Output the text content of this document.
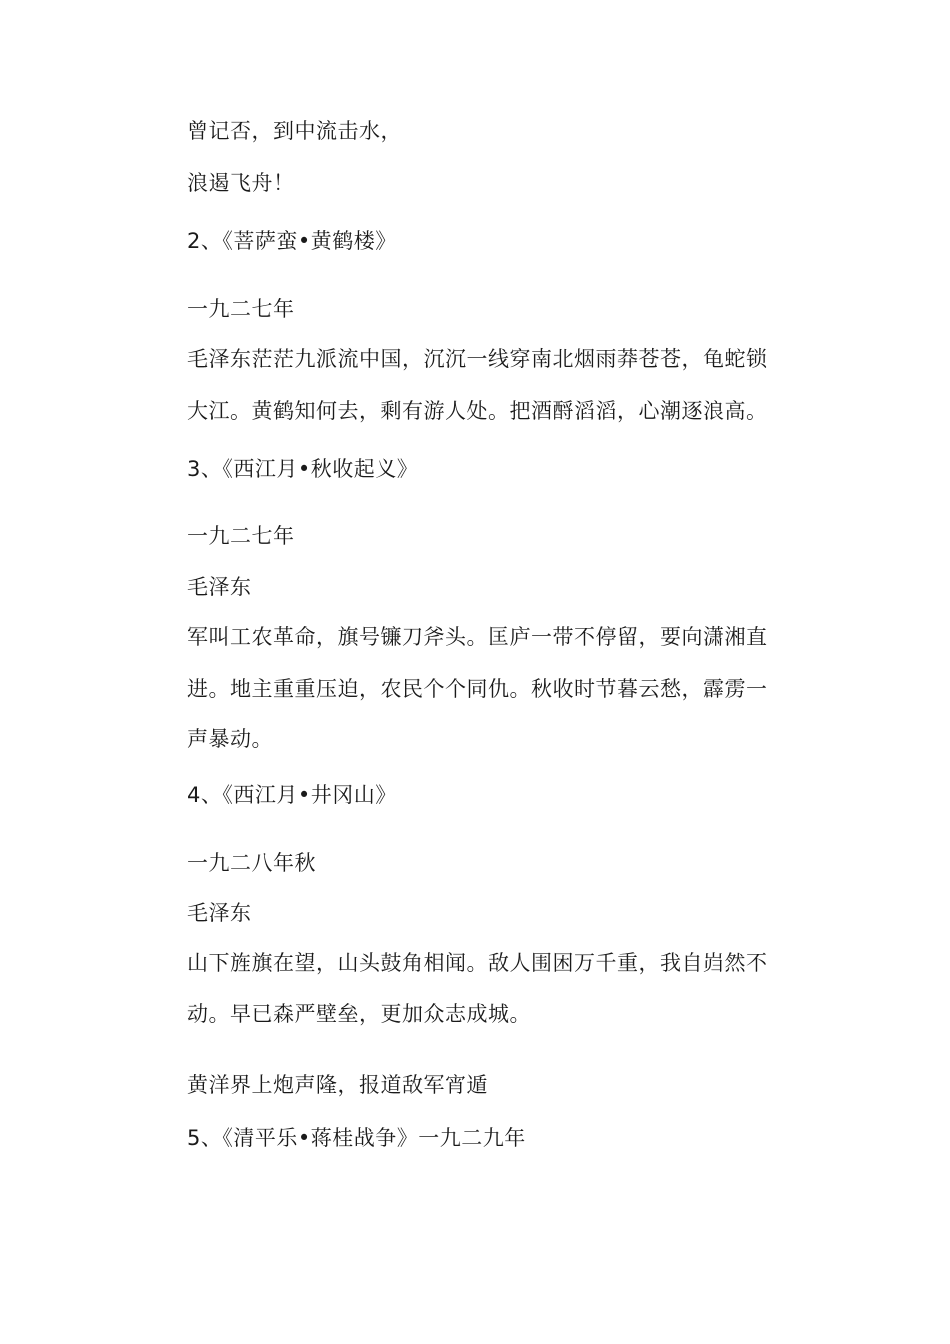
曾记否，到中流击水，
浪遏飞舟！
2、《菩萨蛮•黄鹤楼》
一九二七年
毛泽东茫茫九派流中国，沉沉一线穿南北烟雨莽苍苍，龟蛇锁
大江。黄鹤知何去，剩有游人处。把酒酹滔滔，心潮逐浪高。
3、《西江月•秋收起义》
一九二七年
毛泽东
军叫工农革命，旗号镰刀斧头。匡庐一带不停留，要向潇湘直
进。地主重重压迫，农民个个同仇。秋收时节暮云愁，霹雳一
声暴动。
4、《西江月•井冈山》
一九二八年秋
毛泽东
山下旌旗在望，山头鼓角相闻。敌人围困万千重，我自岿然不
动。早已森严壁垒，更加众志成城。
黄洋界上炮声隆，报道敌军宵遁
5、《清平乐•蒋桂战争》一九二九年
